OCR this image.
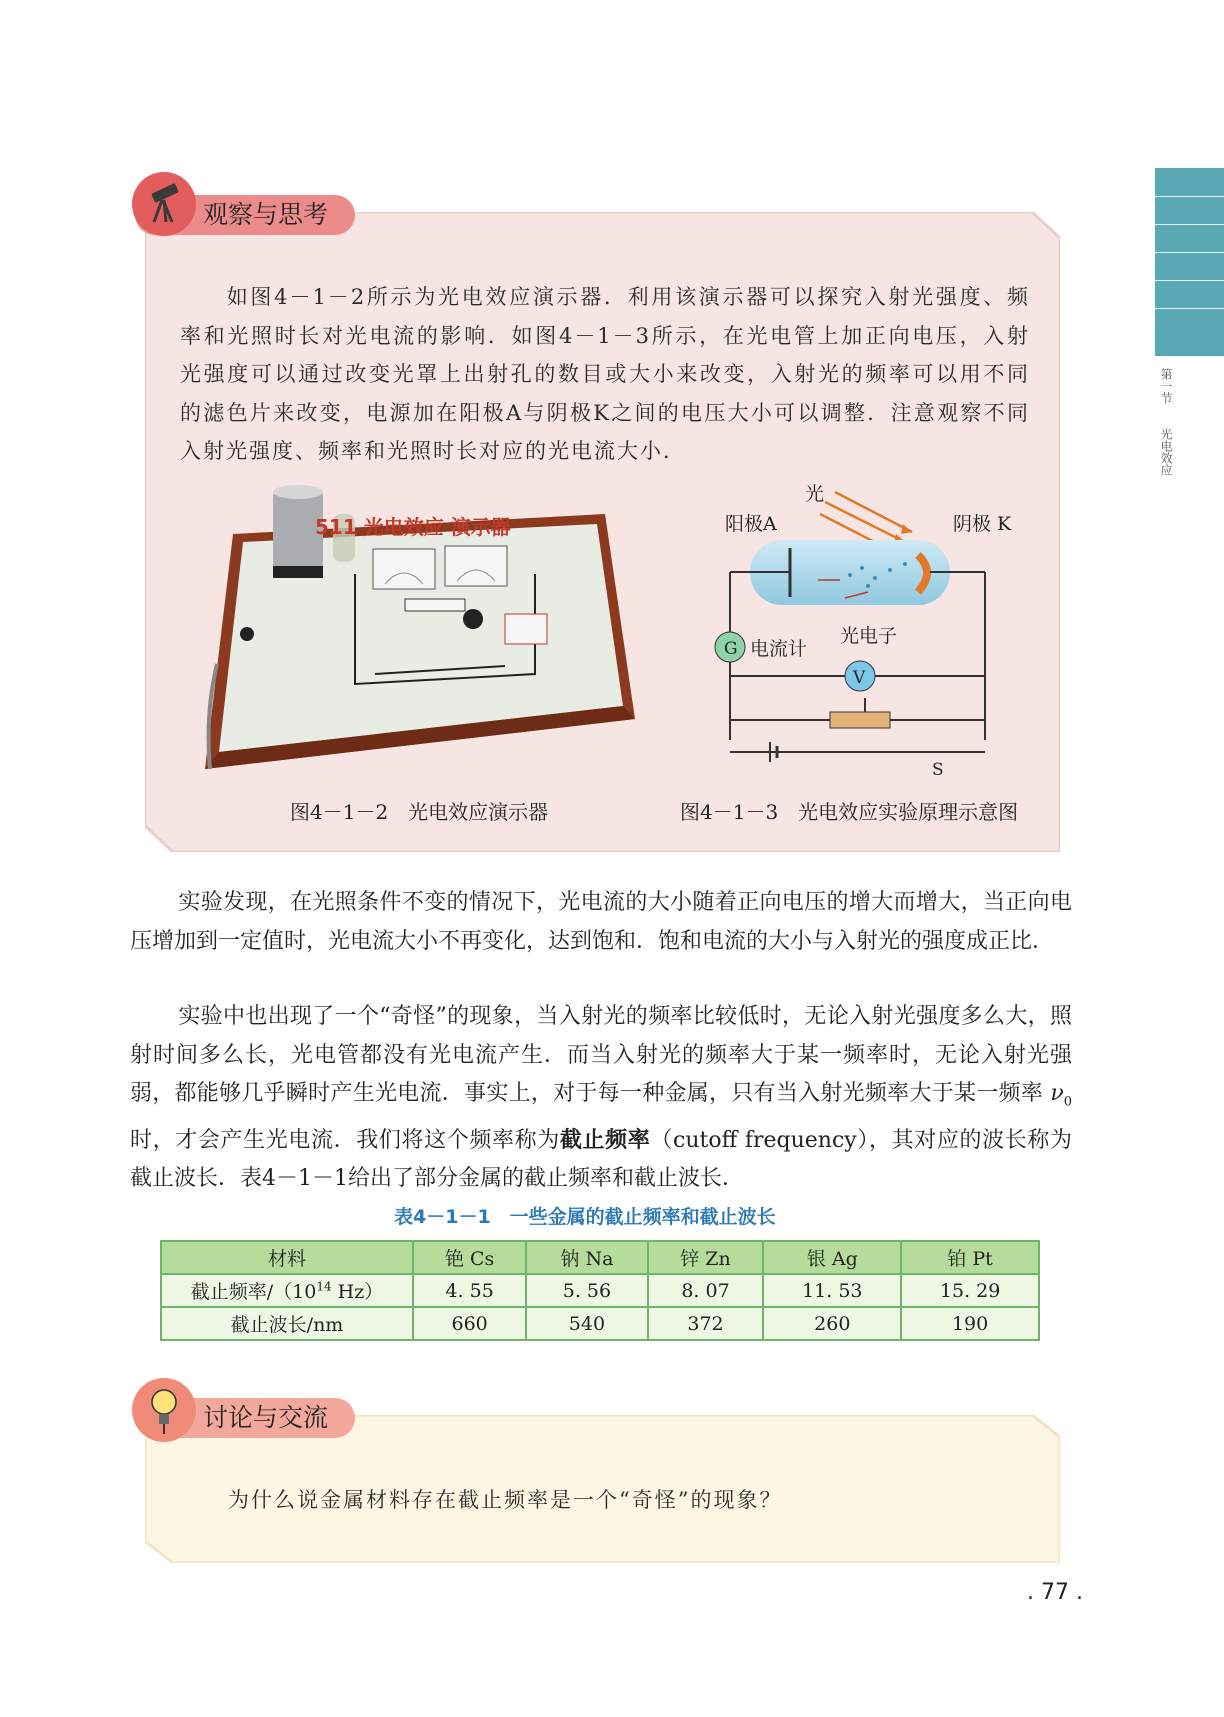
第一节
光电效应
观察与思考
如图4－1－2所示为光电效应演示器．利用该演示器可以探究入射光强度、频率和光照时长对光电流的影响．如图4－1－3所示，在光电管上加正向电压，入射光强度可以通过改变光罩上出射孔的数目或大小来改变，入射光的频率可以用不同的滤色片来改变，电源加在阳极A与阴极K之间的电压大小可以调整．注意观察不同入射光强度、频率和光照时长对应的光电流大小．
511 光电效应 演示器
图4－1－2　光电效应演示器
光
阳极A	阴极 K
G 电流计
光电子
V
S
图4－1－3　光电效应实验原理示意图
实验发现，在光照条件不变的情况下，光电流的大小随着正向电压的增大而增大，当正向电压增加到一定值时，光电流大小不再变化，达到饱和．饱和电流的大小与入射光的强度成正比．
实验中也出现了一个“奇怪”的现象，当入射光的频率比较低时，无论入射光强度多么大，照射时间多么长，光电管都没有光电流产生．而当入射光的频率大于某一频率时，无论入射光强弱，都能够几乎瞬时产生光电流．事实上，对于每一种金属，只有当入射光频率大于某一频率 $\nu_0$时，才会产生光电流．我们将这个频率称为截止频率（cutoff frequency），其对应的波长称为截止波长．表4－1－1给出了部分金属的截止频率和截止波长．
表4－1－1　一些金属的截止频率和截止波长
材料	铯 Cs	钠 Na	锌 Zn	银 Ag	铂 Pt
截止频率$/(10^{14}$ Hz）	4. 55	5. 56	8. 07	11. 53	15. 29
截止波长/nm	660	540	372	260	190
讨论与交流
为什么说金属材料存在截止频率是一个“奇怪”的现象？
. 77 .
